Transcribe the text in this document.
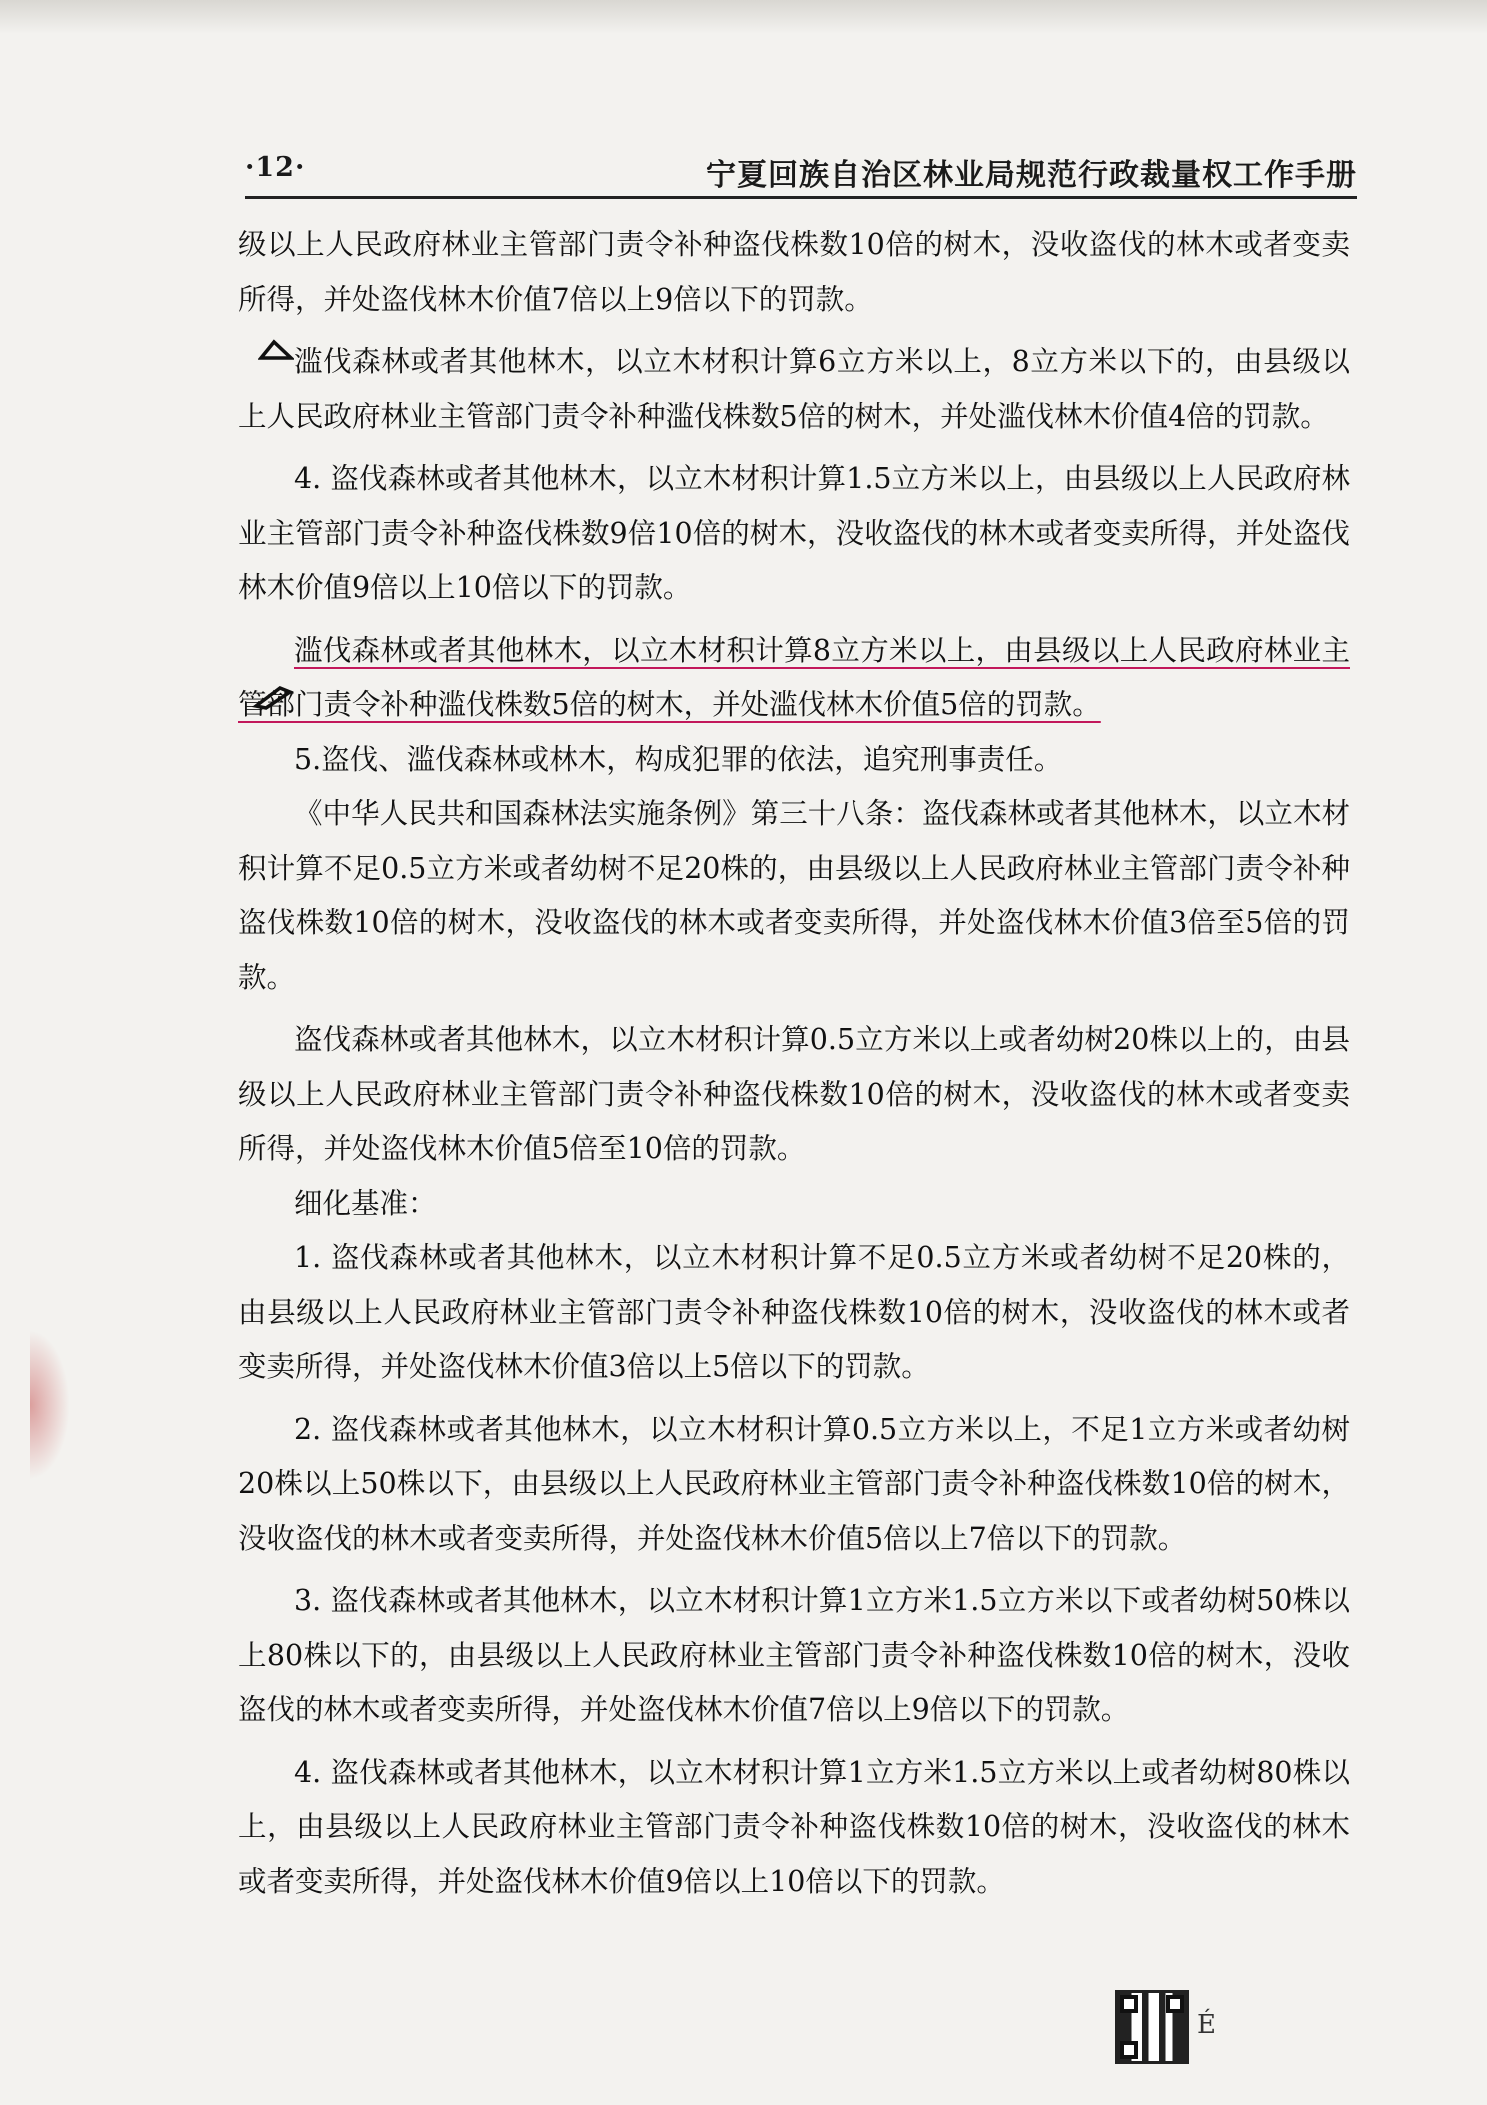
·12·	宁夏回族自治区林业局规范行政裁量权工作手册

级以上人民政府林业主管部门责令补种盗伐株数10倍的树木，没收盗伐的林木或者变卖所得，并处盗伐林木价值7倍以上9倍以下的罚款。

滥伐森林或者其他林木，以立木材积计算6立方米以上，8立方米以下的，由县级以上人民政府林业主管部门责令补种滥伐株数5倍的树木，并处滥伐林木价值4倍的罚款。

4. 盗伐森林或者其他林木，以立木材积计算1.5立方米以上，由县级以上人民政府林业主管部门责令补种盗伐株数9倍10倍的树木，没收盗伐的林木或者变卖所得，并处盗伐林木价值9倍以上10倍以下的罚款。

滥伐森林或者其他林木，以立木材积计算8立方米以上，由县级以上人民政府林业主管部门责令补种滥伐株数5倍的树木，并处滥伐林木价值5倍的罚款。

5.盗伐、滥伐森林或林木，构成犯罪的依法，追究刑事责任。

《中华人民共和国森林法实施条例》第三十八条：盗伐森林或者其他林木，以立木材积计算不足0.5立方米或者幼树不足20株的，由县级以上人民政府林业主管部门责令补种盗伐株数10倍的树木，没收盗伐的林木或者变卖所得，并处盗伐林木价值3倍至5倍的罚款。

盗伐森林或者其他林木，以立木材积计算0.5立方米以上或者幼树20株以上的，由县级以上人民政府林业主管部门责令补种盗伐株数10倍的树木，没收盗伐的林木或者变卖所得，并处盗伐林木价值5倍至10倍的罚款。

细化基准：

1. 盗伐森林或者其他林木，以立木材积计算不足0.5立方米或者幼树不足20株的，由县级以上人民政府林业主管部门责令补种盗伐株数10倍的树木，没收盗伐的林木或者变卖所得，并处盗伐林木价值3倍以上5倍以下的罚款。

2. 盗伐森林或者其他林木，以立木材积计算0.5立方米以上，不足1立方米或者幼树20株以上50株以下，由县级以上人民政府林业主管部门责令补种盗伐株数10倍的树木，没收盗伐的林木或者变卖所得，并处盗伐林木价值5倍以上7倍以下的罚款。

3. 盗伐森林或者其他林木，以立木材积计算1立方米1.5立方米以下或者幼树50株以上80株以下的，由县级以上人民政府林业主管部门责令补种盗伐株数10倍的树木，没收盗伐的林木或者变卖所得，并处盗伐林木价值7倍以上9倍以下的罚款。

4. 盗伐森林或者其他林木，以立木材积计算1立方米1.5立方米以上或者幼树80株以上，由县级以上人民政府林业主管部门责令补种盗伐株数10倍的树木，没收盗伐的林木或者变卖所得，并处盗伐林木价值9倍以上10倍以下的罚款。

É
